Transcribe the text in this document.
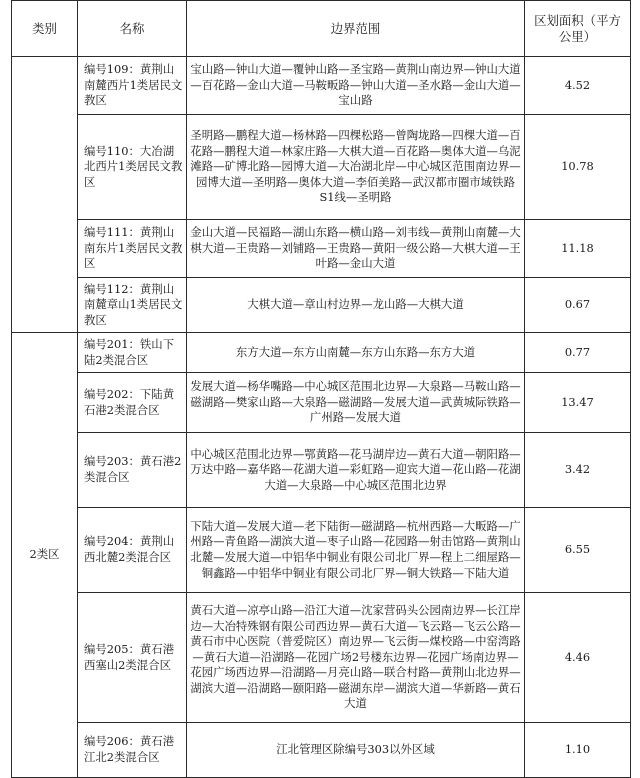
类别	名称	边界范围	区划面积（平方公里）
	编号109：黄荆山南麓西片1类居民文教区	宝山路—钟山大道—覆钟山路—圣宝路—黄荆山南边界—钟山大道—百花路—金山大道—马鞍畈路—钟山大道—圣水路—金山大道—宝山路	4.52
	编号110：大冶湖北西片1类居民文教区	圣明路—鹏程大道—杨林路—四棵松路—曾陶垅路—四棵大道—百花路—鹏程大道—林家庄路—大棋大道—百花路—奥体大道—乌泥滩路—矿博北路—园博大道—大冶湖北岸—中心城区范围南边界—园博大道—圣明路—奥体大道—李佰美路—武汉都市圈市域铁路S1线—圣明路	10.78
	编号111：黄荆山南东片1类居民文教区	金山大道—民福路—湖山东路—横山路—刘韦线—黄荆山南麓—大棋大道—王贵路—刘铺路—王贵路—黄阳一级公路—大棋大道—王叶路—金山大道	11.18
	编号112：黄荆山南麓章山1类居民文教区	大棋大道—章山村边界—龙山路—大棋大道	0.67
2类区	编号201：铁山下陆2类混合区	东方大道—东方山南麓—东方山东路—东方大道	0.77
	编号202：下陆黄石港2类混合区	发展大道—杨华嘴路—中心城区范围北边界—大泉路—马鞍山路—磁湖路—樊家山路—大泉路—磁湖路—发展大道—武黄城际铁路—广州路—发展大道	13.47
	编号203：黄石港2类混合区	中心城区范围北边界—鄂黄路—花马湖岸边—黄石大道—朝阳路—万达中路—嘉华路—花湖大道—彩虹路—迎宾大道—花山路—花湖大道—大泉路—中心城区范围北边界	3.42
	编号204：黄荆山西北麓2类混合区	下陆大道—发展大道—老下陆街—磁湖路—杭州西路—大畈路—广州路—青鱼路—湖滨大道—枣子山路—花园路—射击馆路—黄荆山北麓—发展大道—中铝华中铜业有限公司北厂界—程上二细屋路—铜鑫路—中铝华中铜业有限公司北厂界—铜大铁路—下陆大道	6.55
	编号205：黄石港西塞山2类混合区	黄石大道—凉亭山路—沿江大道—沈家营码头公园南边界—长江岸边—大冶特殊钢有限公司西边界—黄石大道—飞云路—飞云公路—黄石市中心医院（普爱院区）南边界—飞云街—煤校路—中窑湾路—黄石大道—沿湖路—花园广场2号楼东边界—花园广场南边界—花园广场西边界—沿湖路—月亮山路—联合村路—黄荆山北边界—湖滨大道—沿湖路—颐阳路—磁湖东岸—湖滨大道—华新路—黄石大道	4.46
	编号206：黄石港江北2类混合区	江北管理区除编号303以外区域	1.10
